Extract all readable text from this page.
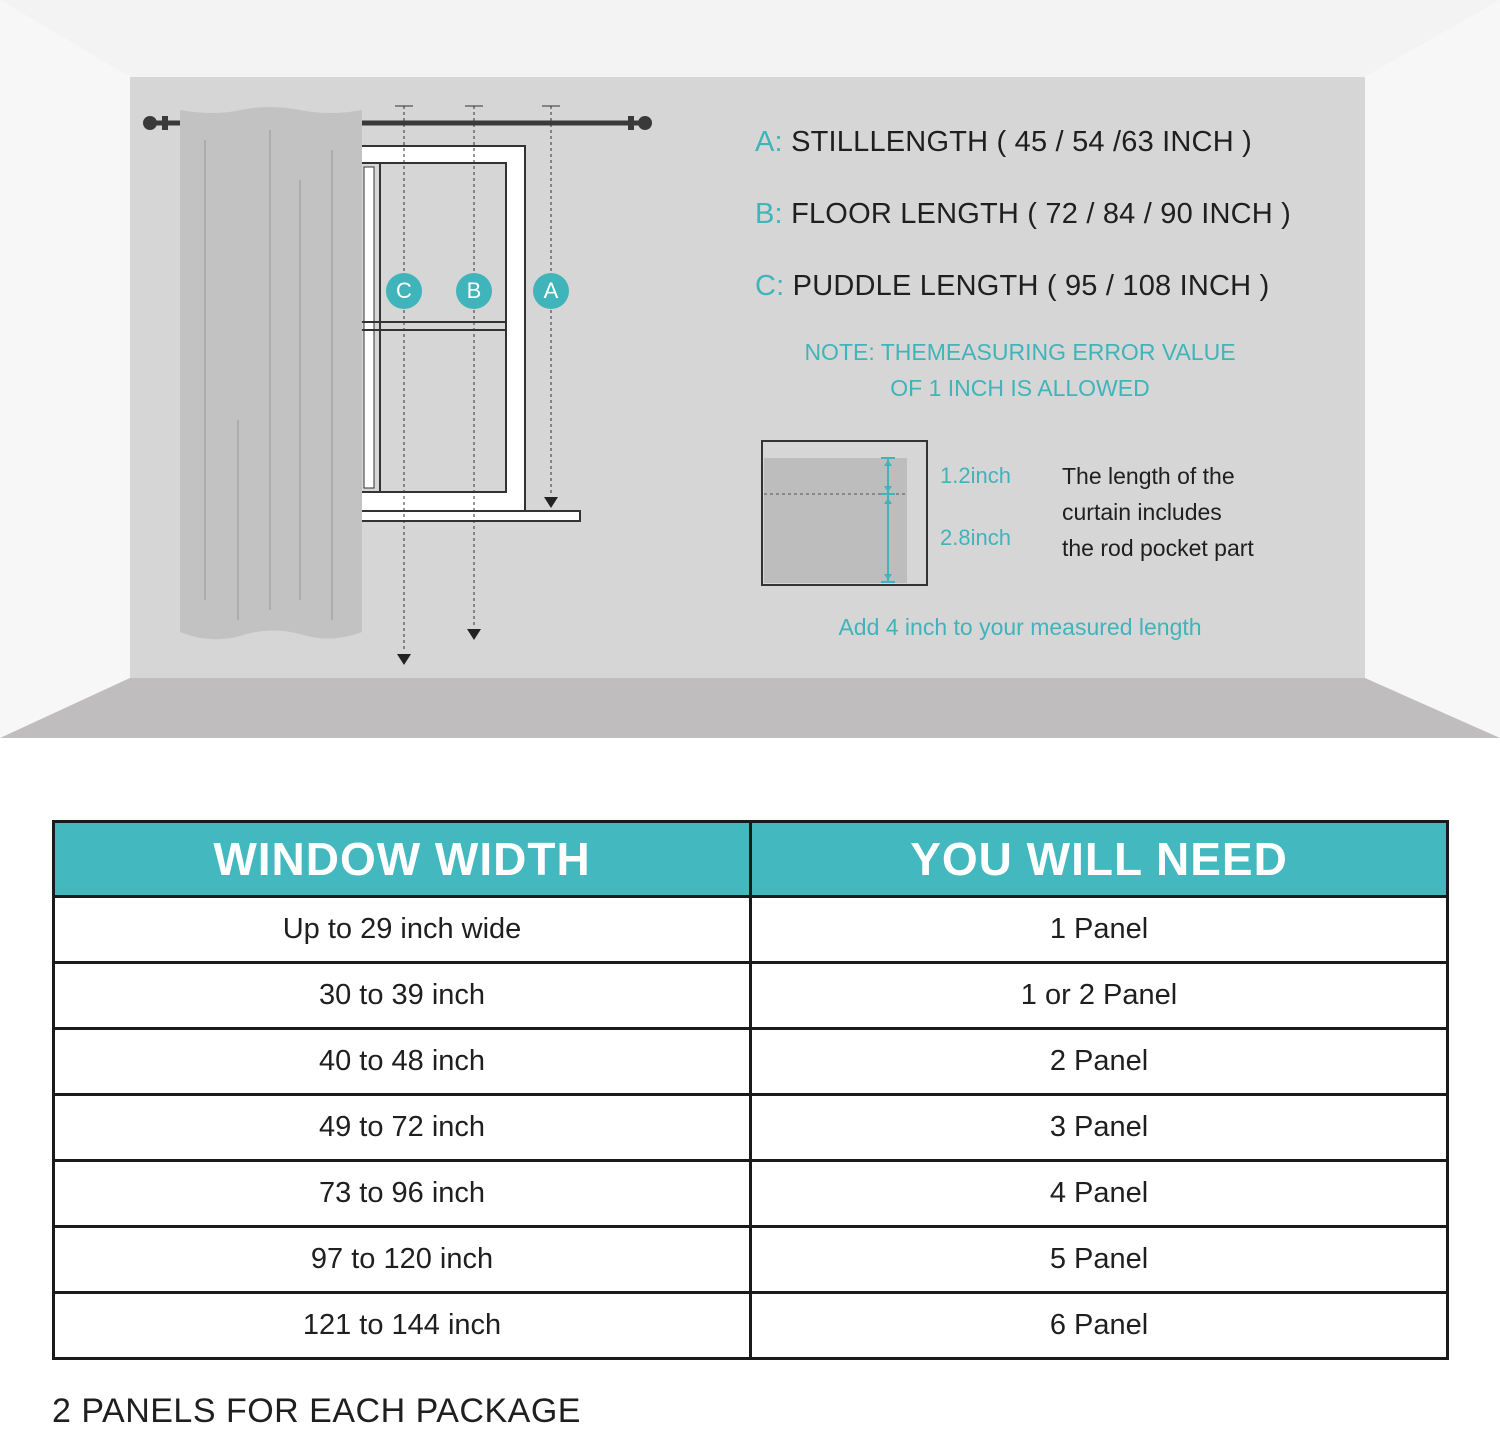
C	B	A
A: STILLLENGTH ( 45 / 54 /63 INCH )
B: FLOOR LENGTH ( 72 / 84 / 90 INCH )
C: PUDDLE LENGTH ( 95 / 108 INCH )
NOTE: THEMEASURING ERROR VALUE
OF 1 INCH IS ALLOWED
1.2inch
2.8inch
The length of the
curtain includes
the rod pocket part
Add 4 inch to your measured length
WINDOW WIDTH	YOU WILL NEED
Up to 29 inch wide	1 Panel
30 to 39 inch	1 or 2 Panel
40 to 48 inch	2 Panel
49 to 72 inch	3 Panel
73 to 96 inch	4 Panel
97 to 120 inch	5 Panel
121 to 144 inch	6 Panel
2 PANELS FOR EACH PACKAGE
